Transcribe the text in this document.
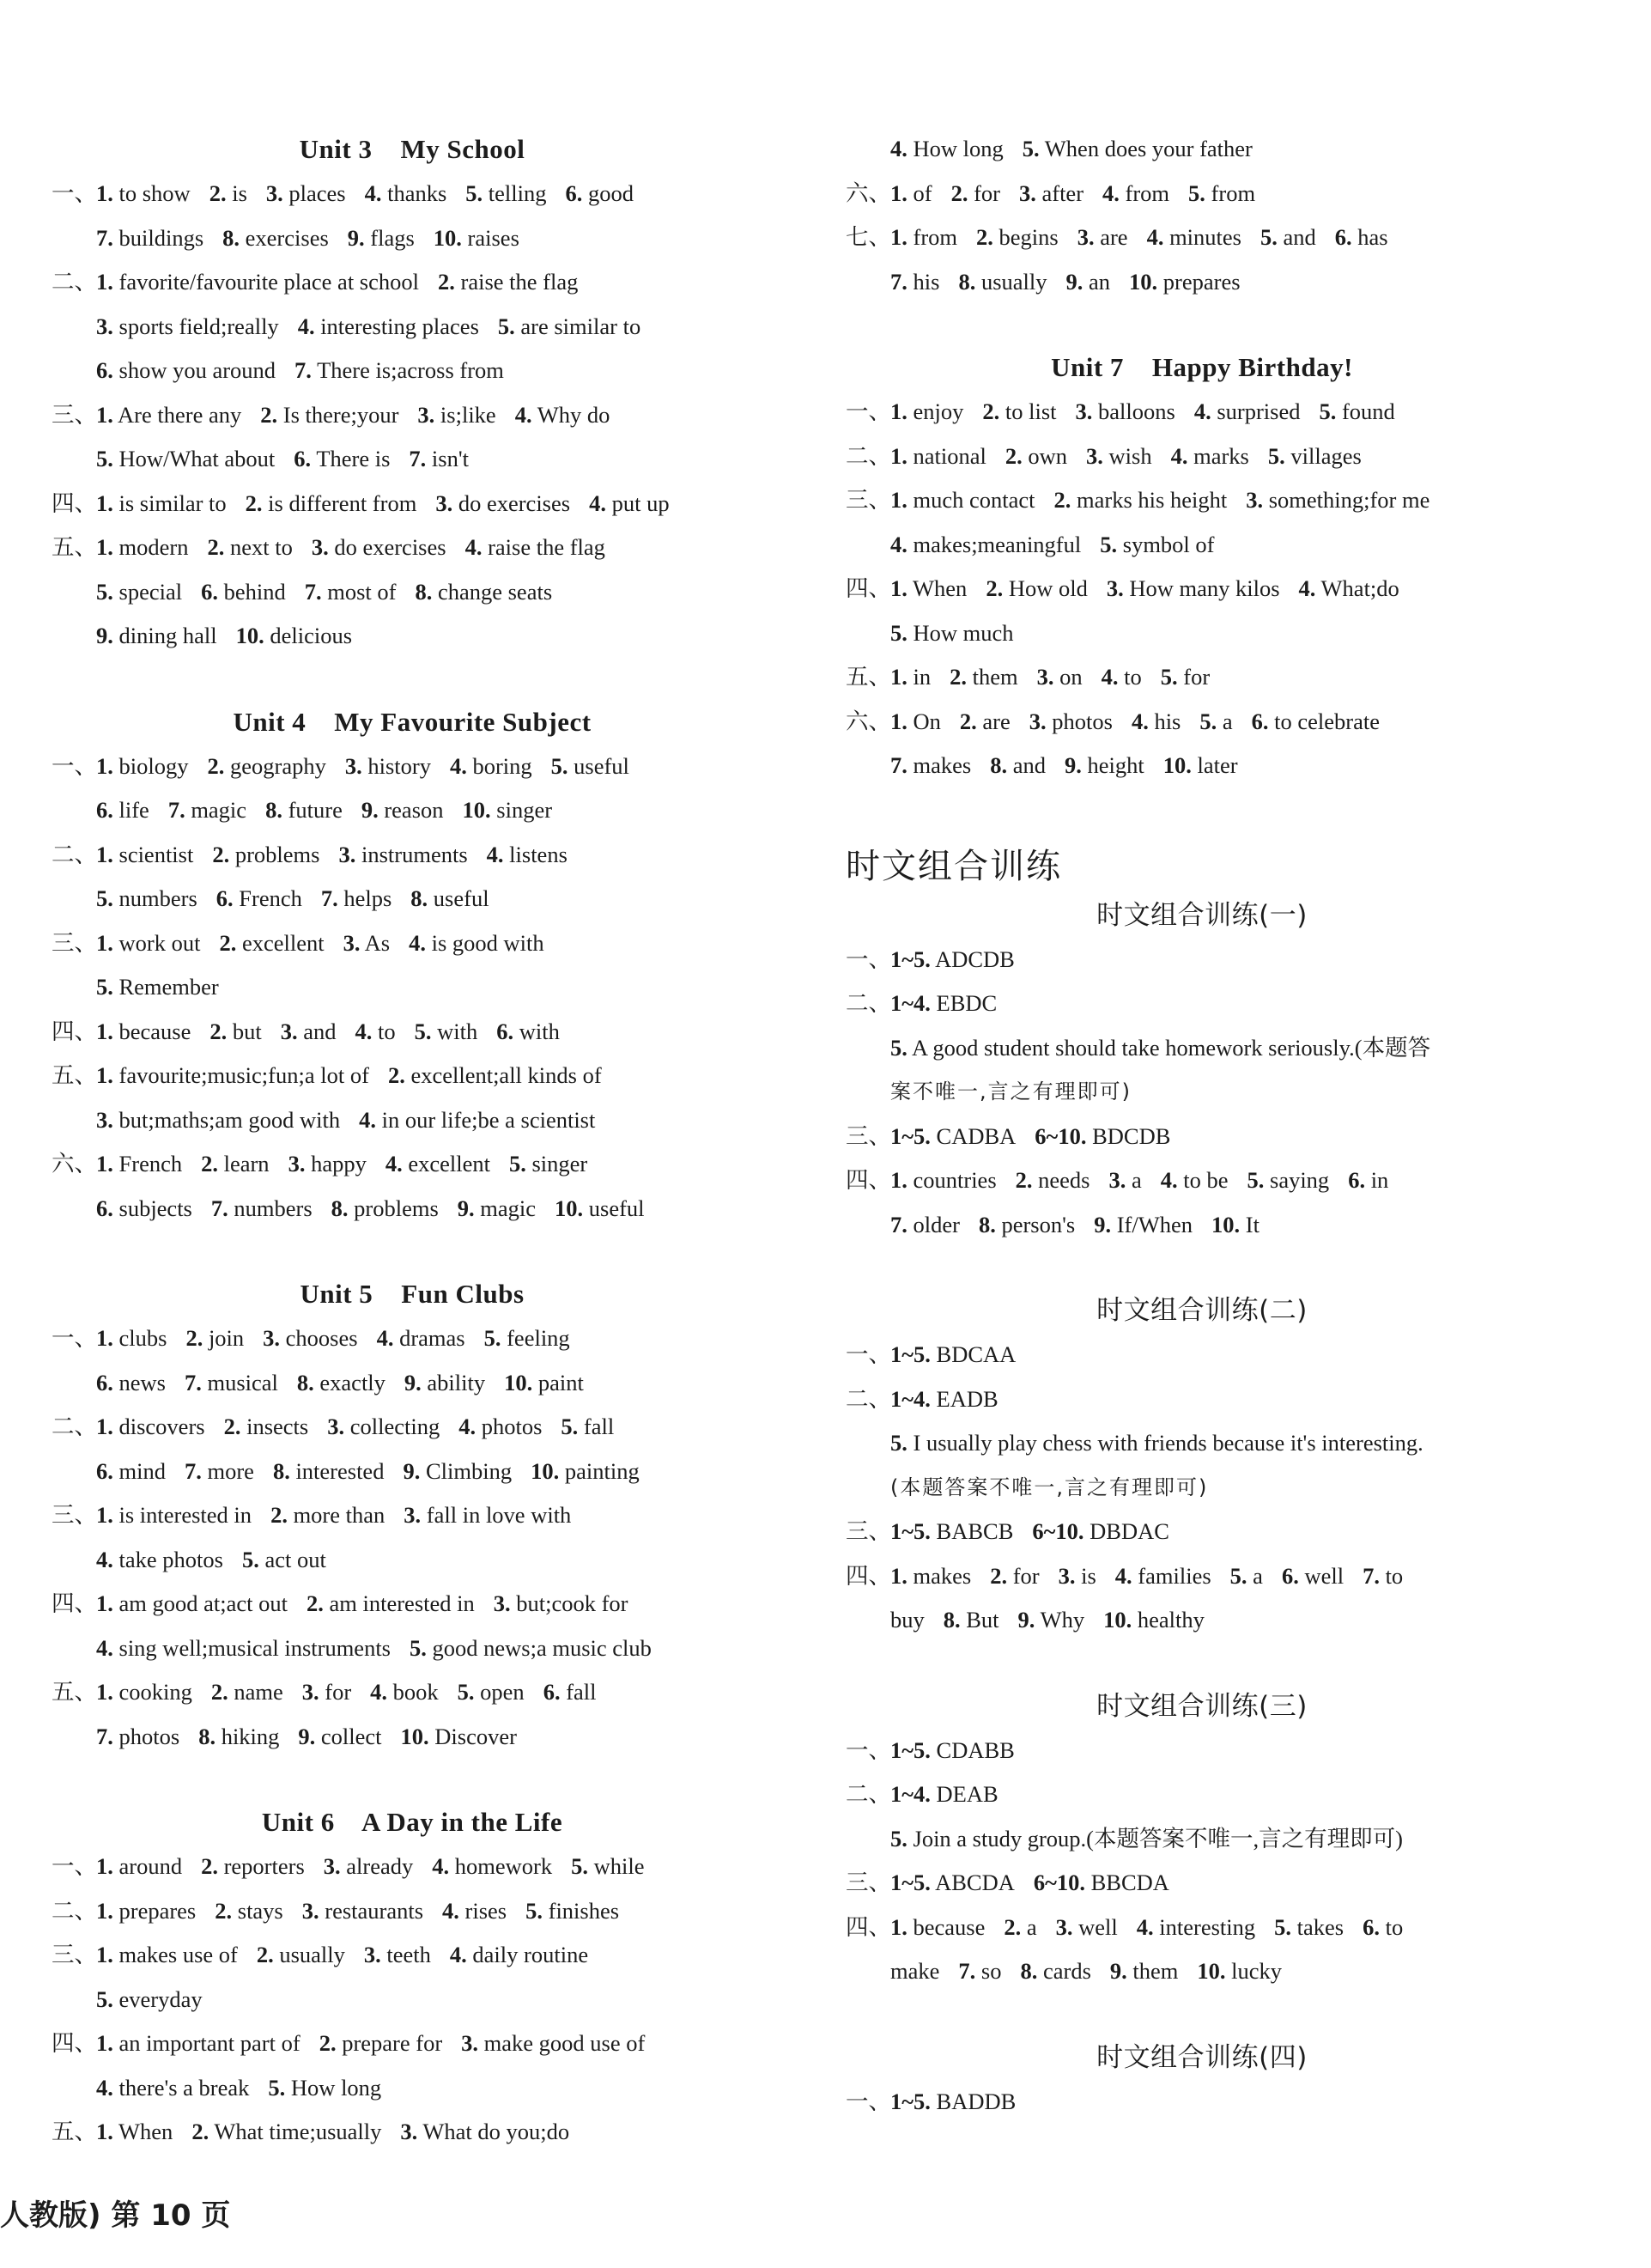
Unit 3    My School
一、1. to show 2. is 3. places 4. thanks 5. telling 6. good
7. buildings 8. exercises 9. flags 10. raises
二、1. favorite/favourite place at school 2. raise the flag
3. sports field;really 4. interesting places 5. are similar to
6. show you around 7. There is;across from
三、1. Are there any 2. Is there;your 3. is;like 4. Why do
5. How/What about 6. There is 7. isn't
四、1. is similar to 2. is different from 3. do exercises 4. put up
五、1. modern 2. next to 3. do exercises 4. raise the flag
5. special 6. behind 7. most of 8. change seats
9. dining hall 10. delicious
Unit 4    My Favourite Subject
一、1. biology 2. geography 3. history 4. boring 5. useful
6. life 7. magic 8. future 9. reason 10. singer
二、1. scientist 2. problems 3. instruments 4. listens
5. numbers 6. French 7. helps 8. useful
三、1. work out 2. excellent 3. As 4. is good with
5. Remember
四、1. because 2. but 3. and 4. to 5. with 6. with
五、1. favourite;music;fun;a lot of 2. excellent;all kinds of
3. but;maths;am good with 4. in our life;be a scientist
六、1. French 2. learn 3. happy 4. excellent 5. singer
6. subjects 7. numbers 8. problems 9. magic 10. useful
Unit 5    Fun Clubs
一、1. clubs 2. join 3. chooses 4. dramas 5. feeling
6. news 7. musical 8. exactly 9. ability 10. paint
二、1. discovers 2. insects 3. collecting 4. photos 5. fall
6. mind 7. more 8. interested 9. Climbing 10. painting
三、1. is interested in 2. more than 3. fall in love with
4. take photos 5. act out
四、1. am good at;act out 2. am interested in 3. but;cook for
4. sing well;musical instruments 5. good news;a music club
五、1. cooking 2. name 3. for 4. book 5. open 6. fall
7. photos 8. hiking 9. collect 10. Discover
Unit 6    A Day in the Life
一、1. around 2. reporters 3. already 4. homework 5. while
二、1. prepares 2. stays 3. restaurants 4. rises 5. finishes
三、1. makes use of 2. usually 3. teeth 4. daily routine
5. everyday
四、1. an important part of 2. prepare for 3. make good use of
4. there's a break 5. How long
五、1. When 2. What time;usually 3. What do you;do
4. How long 5. When does your father
六、1. of 2. for 3. after 4. from 5. from
七、1. from 2. begins 3. are 4. minutes 5. and 6. has
7. his 8. usually 9. an 10. prepares
Unit 7    Happy Birthday!
一、1. enjoy 2. to list 3. balloons 4. surprised 5. found
二、1. national 2. own 3. wish 4. marks 5. villages
三、1. much contact 2. marks his height 3. something;for me
4. makes;meaningful 5. symbol of
四、1. When 2. How old 3. How many kilos 4. What;do
5. How much
五、1. in 2. them 3. on 4. to 5. for
六、1. On 2. are 3. photos 4. his 5. a 6. to celebrate
7. makes 8. and 9. height 10. later
时文组合训练
时文组合训练(一)
一、1~5. ADCDB
二、1~4. EBDC
5. A good student should take homework seriously.(本题答
案不唯一,言之有理即可)
三、1~5. CADBA 6~10. BDCDB
四、1. countries 2. needs 3. a 4. to be 5. saying 6. in
7. older 8. person's 9. If/When 10. It
时文组合训练(二)
一、1~5. BDCAA
二、1~4. EADB
5. I usually play chess with friends because it's interesting.
(本题答案不唯一,言之有理即可)
三、1~5. BABCB 6~10. DBDAC
四、1. makes 2. for 3. is 4. families 5. a 6. well 7. to
buy 8. But 9. Why 10. healthy
时文组合训练(三)
一、1~5. CDABB
二、1~4. DEAB
5. Join a study group.(本题答案不唯一,言之有理即可)
三、1~5. ABCDA 6~10. BBCDA
四、1. because 2. a 3. well 4. interesting 5. takes 6. to
make 7. so 8. cards 9. them 10. lucky
时文组合训练(四)
一、1~5. BADDB
人教版) 第 10 页
